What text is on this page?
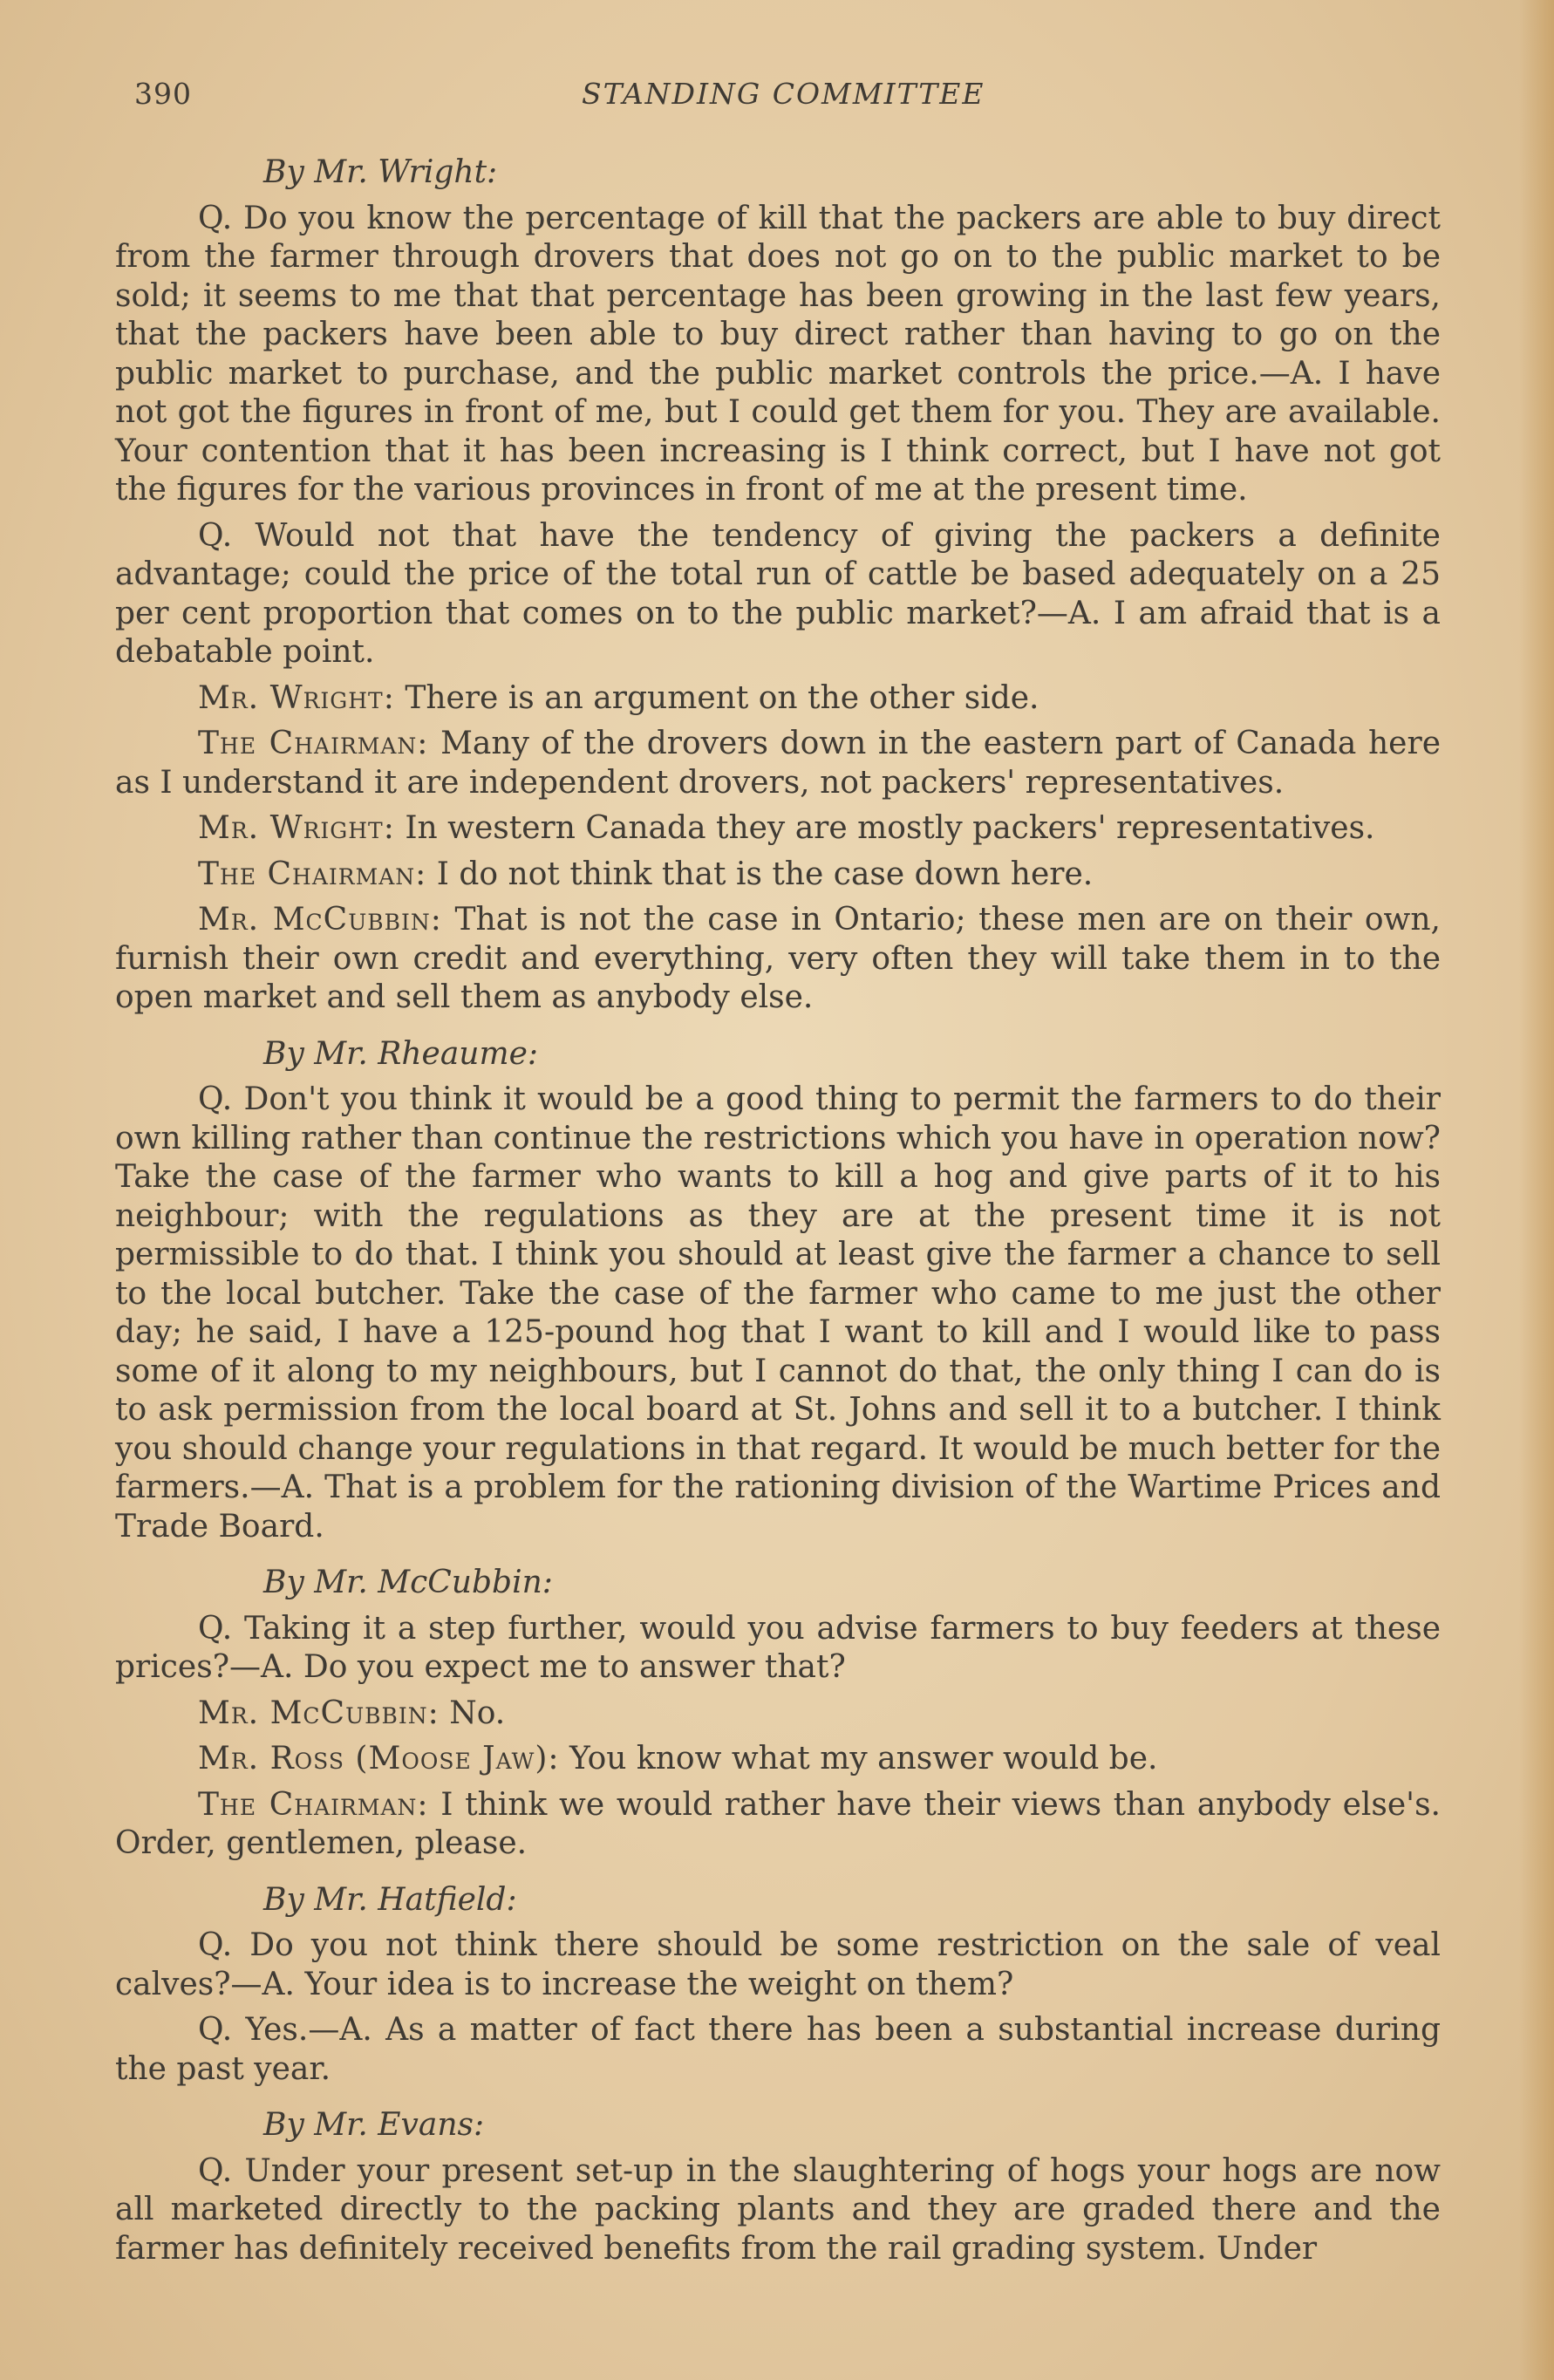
390	STANDING COMMITTEE
By Mr. Wright:

Q. Do you know the percentage of kill that the packers are able to buy direct from the farmer through drovers that does not go on to the public market to be sold; it seems to me that that percentage has been growing in the last few years, that the packers have been able to buy direct rather than having to go on the public market to purchase, and the public market controls the price.—A. I have not got the figures in front of me, but I could get them for you. They are available. Your contention that it has been increasing is I think correct, but I have not got the figures for the various provinces in front of me at the present time.

Q. Would not that have the tendency of giving the packers a definite advantage; could the price of the total run of cattle be based adequately on a 25 per cent proportion that comes on to the public market?—A. I am afraid that is a debatable point.

Mr. Wright: There is an argument on the other side.

The Chairman: Many of the drovers down in the eastern part of Canada here as I understand it are independent drovers, not packers' representatives.

Mr. Wright: In western Canada they are mostly packers' representatives.

The Chairman: I do not think that is the case down here.

Mr. McCubbin: That is not the case in Ontario; these men are on their own, furnish their own credit and everything, very often they will take them in to the open market and sell them as anybody else.

By Mr. Rheaume:

Q. Don't you think it would be a good thing to permit the farmers to do their own killing rather than continue the restrictions which you have in operation now? Take the case of the farmer who wants to kill a hog and give parts of it to his neighbour; with the regulations as they are at the present time it is not permissible to do that. I think you should at least give the farmer a chance to sell to the local butcher. Take the case of the farmer who came to me just the other day; he said, I have a 125-pound hog that I want to kill and I would like to pass some of it along to my neighbours, but I cannot do that, the only thing I can do is to ask permission from the local board at St. Johns and sell it to a butcher. I think you should change your regulations in that regard. It would be much better for the farmers.—A. That is a problem for the rationing division of the Wartime Prices and Trade Board.

By Mr. McCubbin:

Q. Taking it a step further, would you advise farmers to buy feeders at these prices?—A. Do you expect me to answer that?

Mr. McCubbin: No.

Mr. Ross (Moose Jaw): You know what my answer would be.

The Chairman: I think we would rather have their views than anybody else's. Order, gentlemen, please.

By Mr. Hatfield:

Q. Do you not think there should be some restriction on the sale of veal calves?—A. Your idea is to increase the weight on them?

Q. Yes.—A. As a matter of fact there has been a substantial increase during the past year.

By Mr. Evans:

Q. Under your present set-up in the slaughtering of hogs your hogs are now all marketed directly to the packing plants and they are graded there and the farmer has definitely received benefits from the rail grading system. Under
